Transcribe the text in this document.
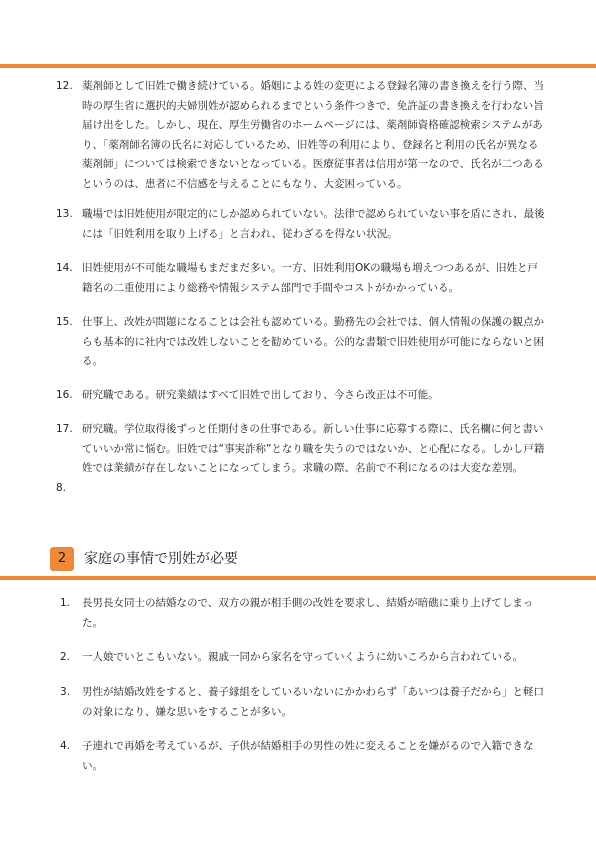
12. 薬剤師として旧姓で働き続けている。婚姻による姓の変更による登録名簿の書き換えを行う際、当時の厚生省に選択的夫婦別姓が認められるまでという条件つきで、免許証の書き換えを行わない旨届け出をした。しかし、現在、厚生労働省のホームページには、薬剤師資格確認検索システムがあり、「薬剤師名簿の氏名に対応しているため、旧姓等の利用により、登録名と利用の氏名が異なる薬剤師」については検索できないとなっている。医療従事者は信用が第一なので、氏名が二つあるというのは、患者に不信感を与えることにもなり、大変困っている。
13. 職場では旧姓使用が限定的にしか認められていない。法律で認められていない事を盾にされ、最後には「旧姓利用を取り上げる」と言われ、従わざるを得ない状況。
14. 旧姓使用が不可能な職場もまだまだ多い。一方、旧姓利用OKの職場も増えつつあるが、旧姓と戸籍名の二重使用により総務や情報システム部門で手間やコストがかかっている。
15. 仕事上、改姓が問題になることは会社も認めている。勤務先の会社では、個人情報の保護の観点からも基本的に社内では改姓しないことを勧めている。公的な書類で旧姓使用が可能にならないと困る。
16. 研究職である。研究業績はすべて旧姓で出しており、今さら改正は不可能。
17. 研究職。学位取得後ずっと任期付きの仕事である。新しい仕事に応募する際に、氏名欄に何と書いていいか常に悩む。旧姓では“事実詐称”となり職を失うのではないか、と心配になる。しかし戸籍姓では業績が存在しないことになってしまう。求職の際、名前で不利になるのは大変な差別。
8.
2	家庭の事情で別姓が必要
1.	長男長女同士の結婚なので、双方の親が相手側の改姓を要求し、結婚が暗礁に乗り上げてしまった。
2.	一人娘でいとこもいない。親戚一同から家名を守っていくように幼いころから言われている。
3.	男性が結婚改姓をすると、養子縁組をしているいないにかかわらず「あいつは養子だから」と軽口の対象になり、嫌な思いをすることが多い。
4.	子連れで再婚を考えているが、子供が結婚相手の男性の姓に変えることを嫌がるので入籍できない。
